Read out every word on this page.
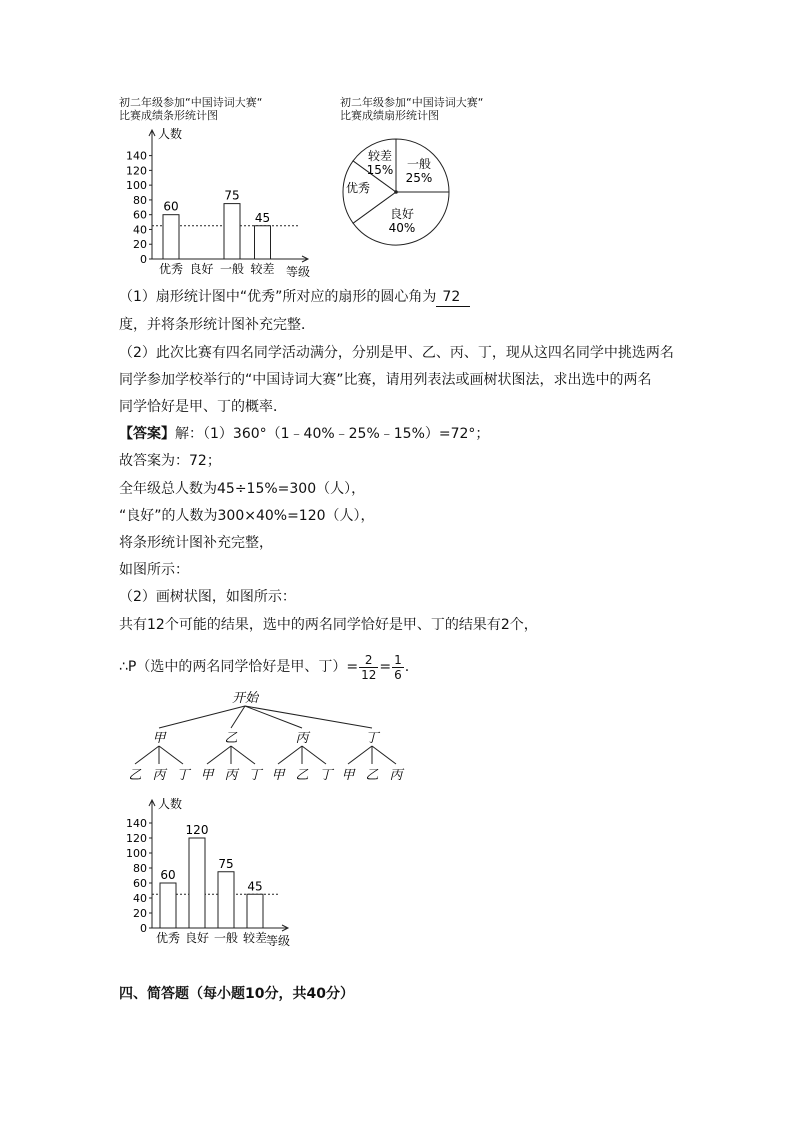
初二年级参加“中国诗词大赛“
比赛成绩条形统计图
初二年级参加“中国诗词大赛“
比赛成绩扇形统计图
人数
等级
0
20
40
60
80
100
120
140
60
优秀 良好
75
一般
45
较差
一般
25%
良好
40%
优秀
较差
15%
（1）扇形统计图中“优秀”所对应的扇形的圆心角为 72
度，并将条形统计图补充完整．
（2）此次比赛有四名同学活动满分，分别是甲、乙、丙、丁，现从这四名同学中挑选两名
同学参加学校举行的“中国诗词大赛”比赛，请用列表法或画树状图法，求出选中的两名
同学恰好是甲、丁的概率．
【答案】解：（1）360°（1﹣40%﹣25%﹣15%）=72°；
故答案为：72；
全年级总人数为45÷15%=300（人），
“良好”的人数为300×40%=120（人），
将条形统计图补充完整，
如图所示：
（2）画树状图，如图所示：
共有12个可能的结果，选中的两名同学恰好是甲、丁的结果有2个，
∴P（选中的两名同学恰好是甲、丁）= $\frac{2}{12} = \frac{1}{6}$ .
开始
甲
乙 丙 丁
乙
甲 丙 丁
丙
甲 乙 丁
丁
甲 乙 丙
人数
等级
0
20
40
60
80
100
120
140
60
优秀
120
良好
75
一般
45
较差
四、简答题（每小题10分，共40分）
